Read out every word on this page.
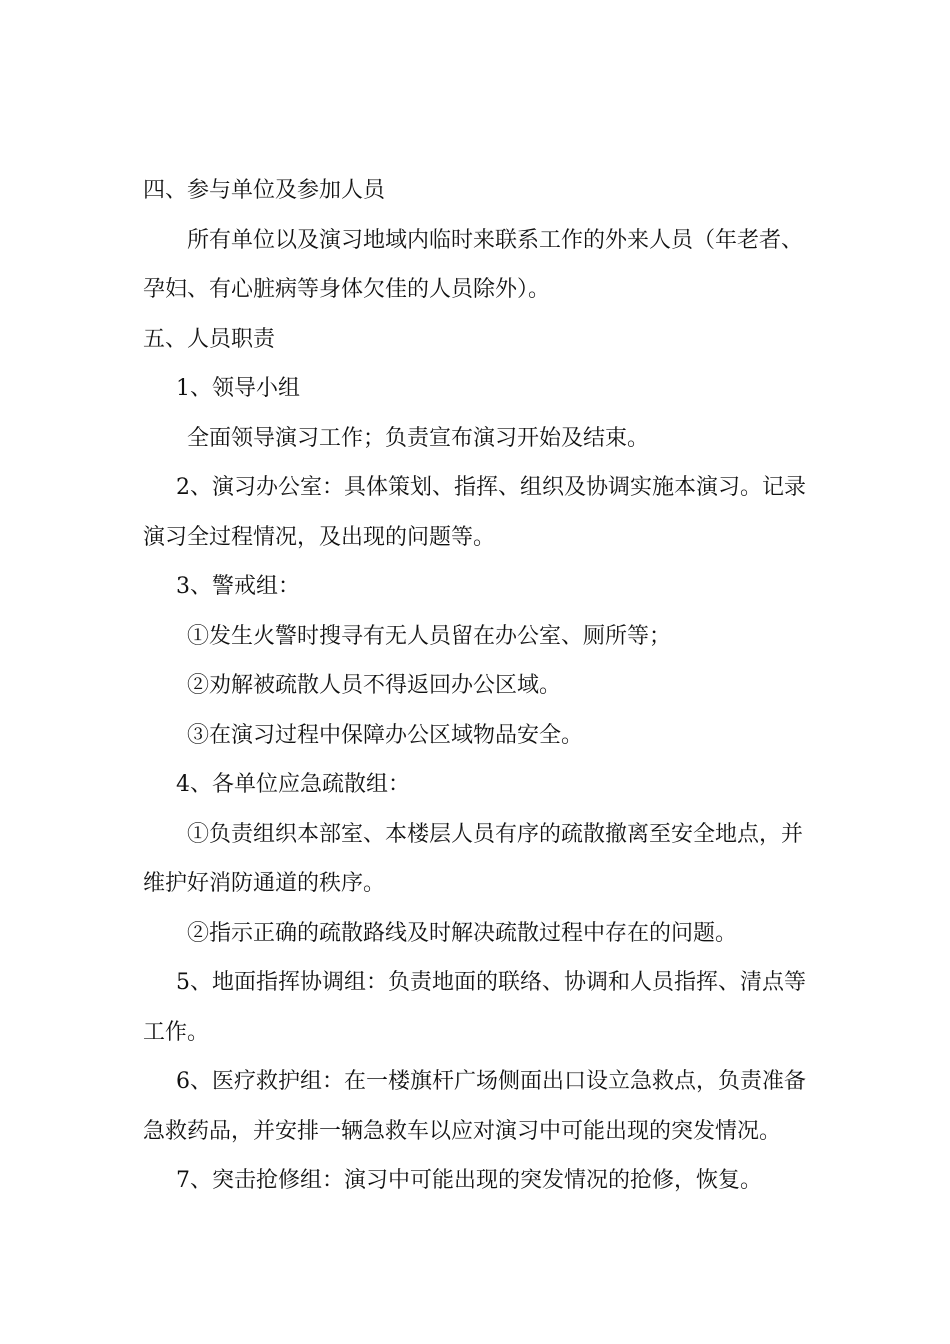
四、参与单位及参加人员

所有单位以及演习地域内临时来联系工作的外来人员（年老者、孕妇、有心脏病等身体欠佳的人员除外）。

五、人员职责

1、领导小组

全面领导演习工作；负责宣布演习开始及结束。

2、演习办公室：具体策划、指挥、组织及协调实施本演习。记录演习全过程情况，及出现的问题等。

3、警戒组：

①发生火警时搜寻有无人员留在办公室、厕所等；

②劝解被疏散人员不得返回办公区域。

③在演习过程中保障办公区域物品安全。

4、各单位应急疏散组：

①负责组织本部室、本楼层人员有序的疏散撤离至安全地点，并维护好消防通道的秩序。

②指示正确的疏散路线及时解决疏散过程中存在的问题。

5、地面指挥协调组：负责地面的联络、协调和人员指挥、清点等工作。

6、医疗救护组：在一楼旗杆广场侧面出口设立急救点，负责准备急救药品，并安排一辆急救车以应对演习中可能出现的突发情况。

7、突击抢修组：演习中可能出现的突发情况的抢修，恢复。
